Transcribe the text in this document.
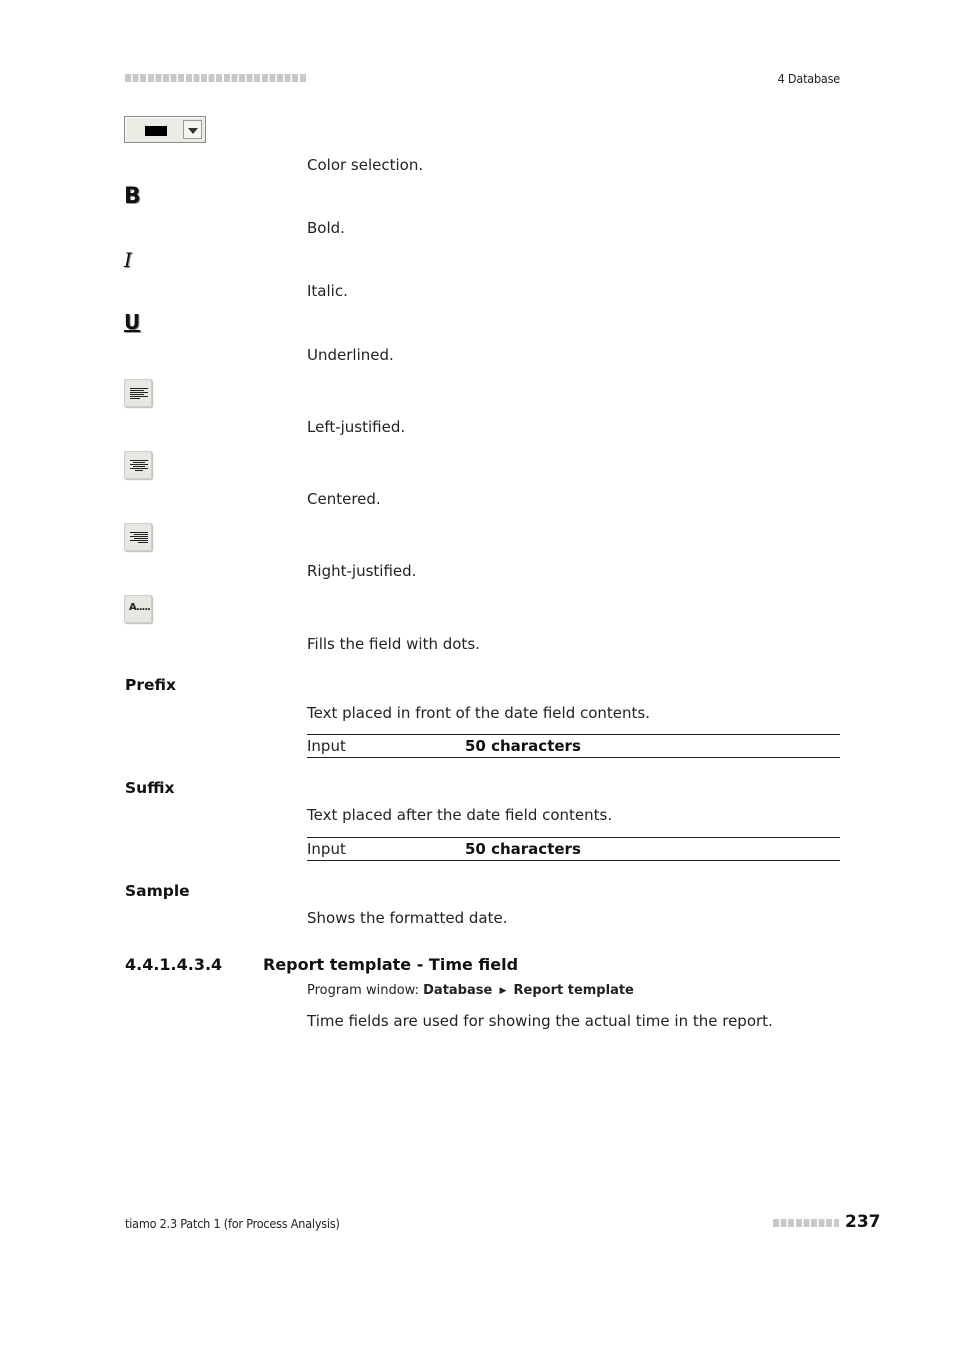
4 Database
Color selection.
B
Bold.
I
Italic.
U
Underlined.
Left-justified.
Centered.
Right-justified.
A.....
Fills the field with dots.
Prefix
Text placed in front of the date field contents.
Input	50 characters
Suffix
Text placed after the date field contents.
Input	50 characters
Sample
Shows the formatted date.
4.4.1.4.3.4	Report template - Time field
Program window: Database ▶ Report template
Time fields are used for showing the actual time in the report.
tiamo 2.3 Patch 1 (for Process Analysis)	237
